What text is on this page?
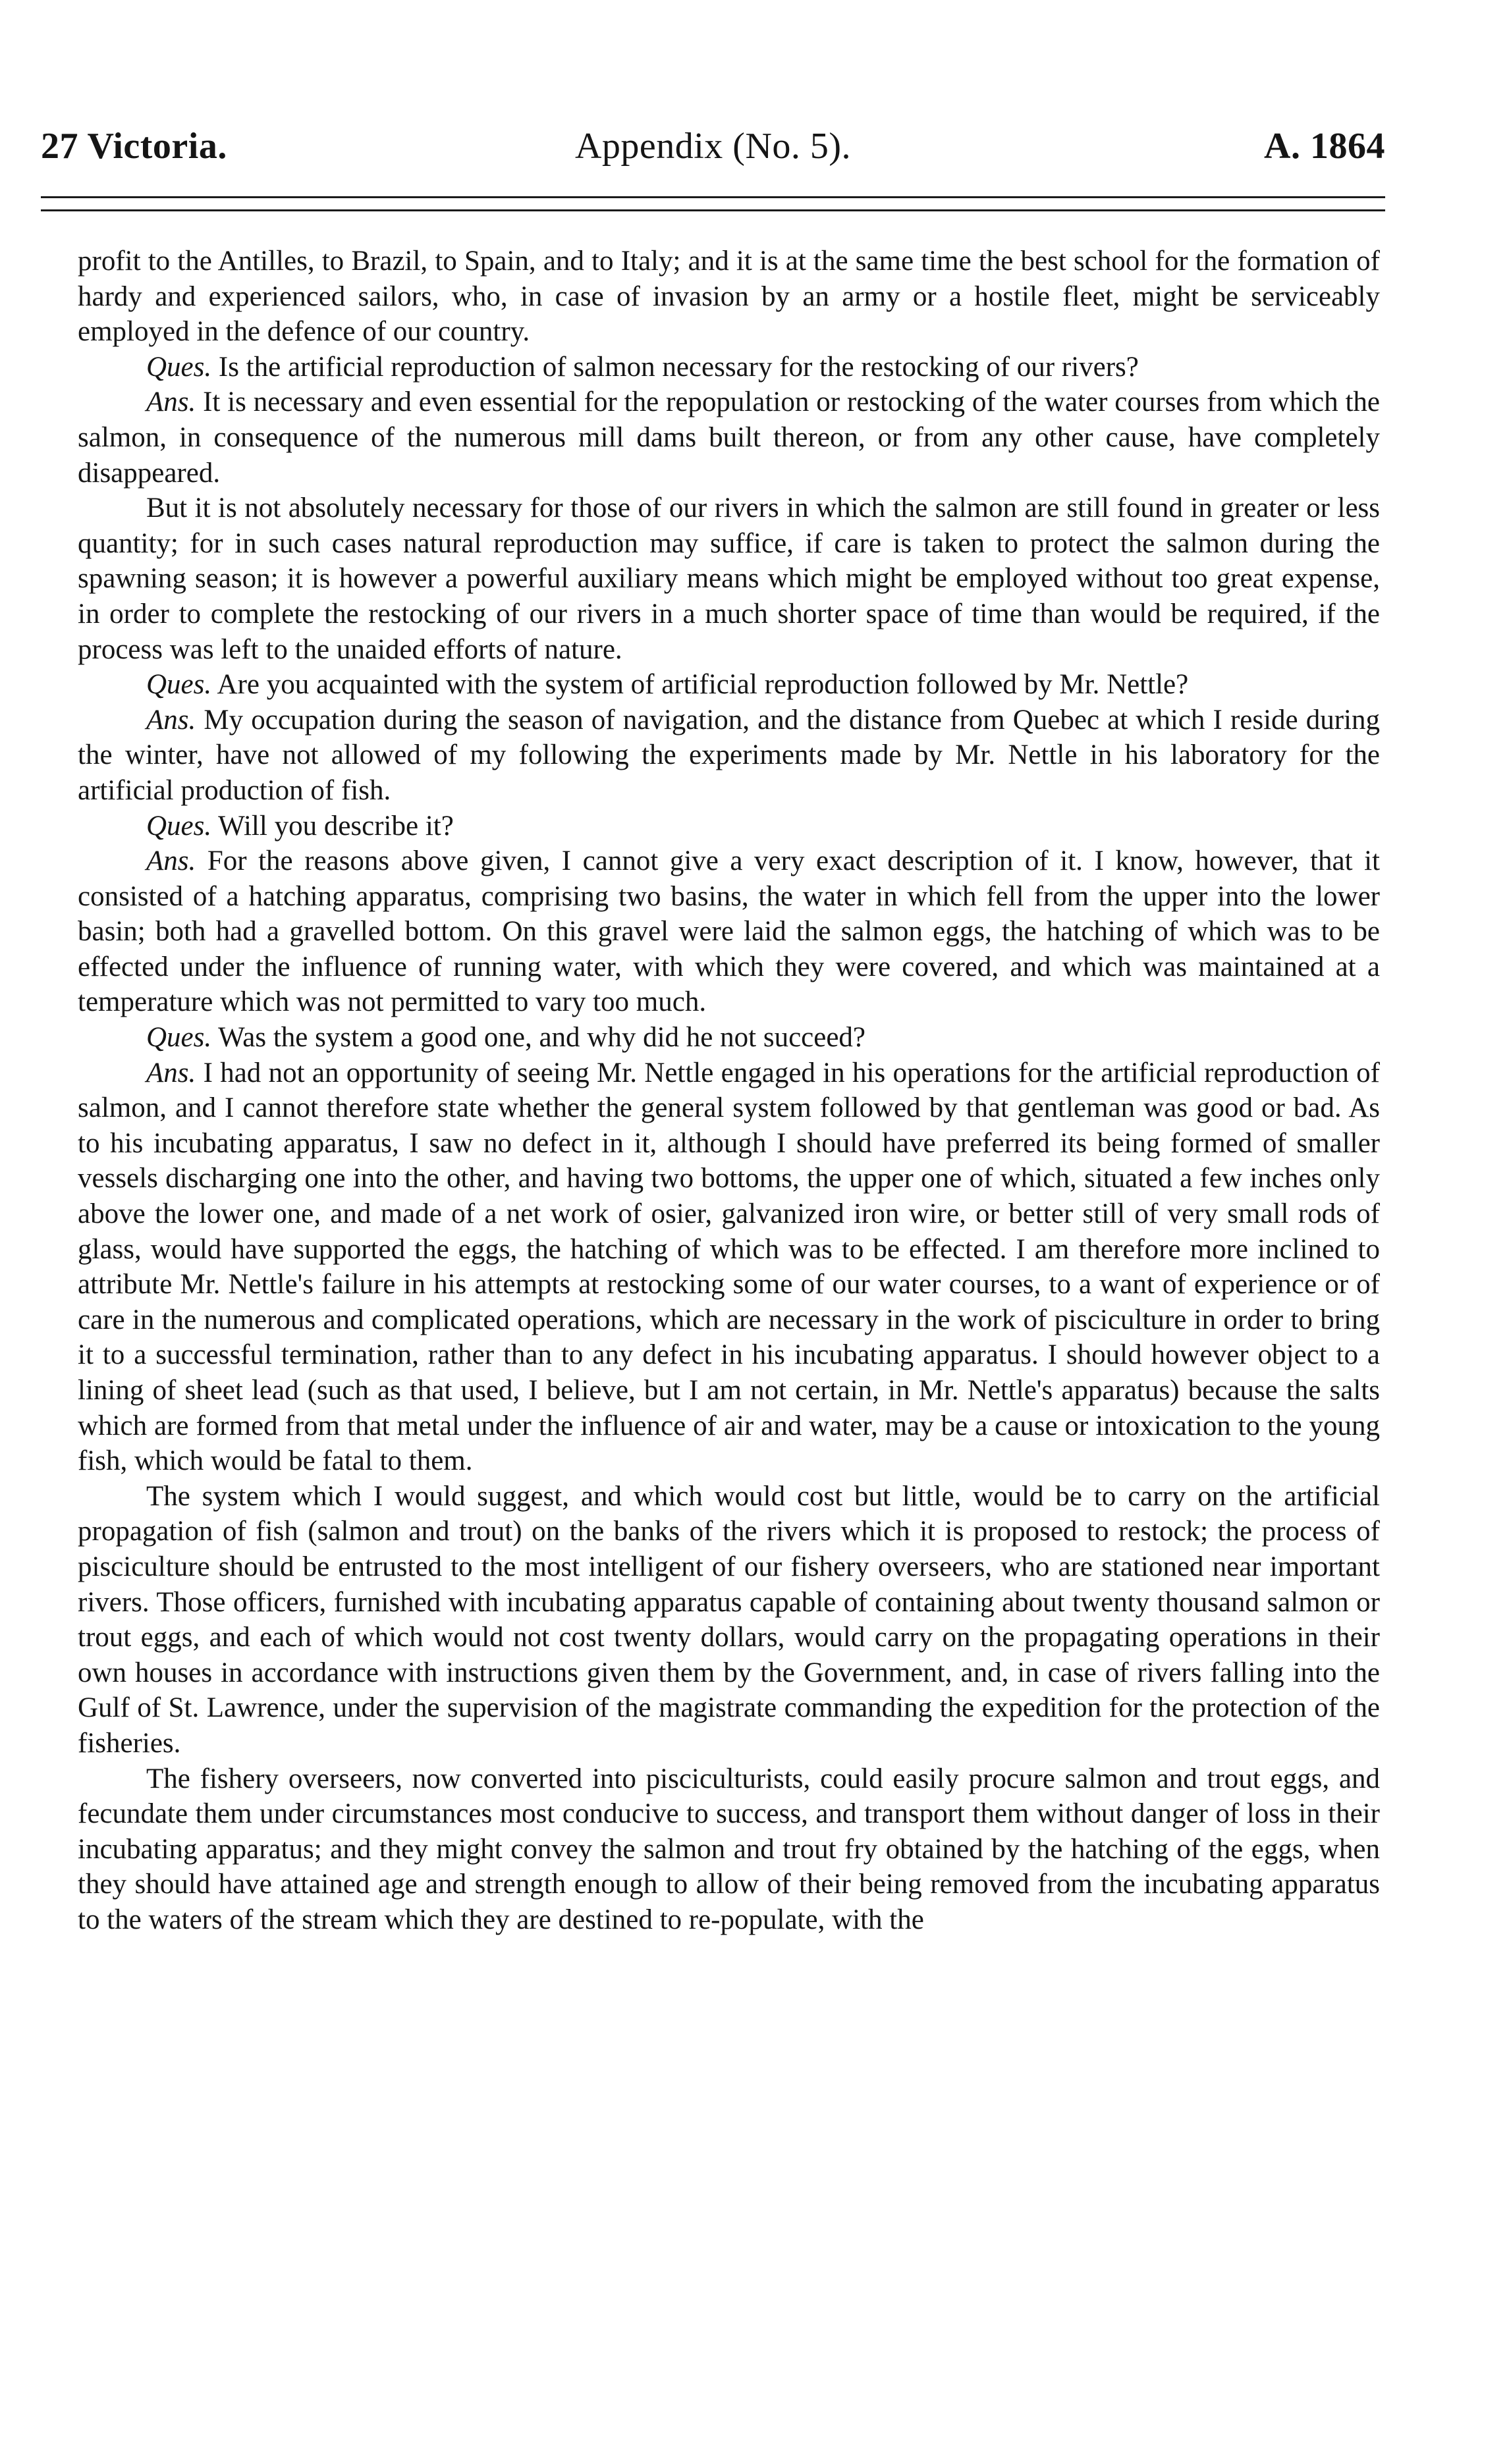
27 Victoria.	Appendix (No. 5).	A. 1864

profit to the Antilles, to Brazil, to Spain, and to Italy; and it is at the same time the best school for the formation of hardy and experienced sailors, who, in case of invasion by an army or a hostile fleet, might be serviceably employed in the defence of our country.

Ques. Is the artificial reproduction of salmon necessary for the restocking of our rivers?

Ans. It is necessary and even essential for the repopulation or restocking of the water courses from which the salmon, in consequence of the numerous mill dams built thereon, or from any other cause, have completely disappeared.

But it is not absolutely necessary for those of our rivers in which the salmon are still found in greater or less quantity; for in such cases natural reproduction may suffice, if care is taken to protect the salmon during the spawning season; it is however a powerful auxiliary means which might be employed without too great expense, in order to complete the restocking of our rivers in a much shorter space of time than would be required, if the process was left to the unaided efforts of nature.

Ques. Are you acquainted with the system of artificial reproduction followed by Mr. Nettle?

Ans. My occupation during the season of navigation, and the distance from Quebec at which I reside during the winter, have not allowed of my following the experiments made by Mr. Nettle in his laboratory for the artificial production of fish.

Ques. Will you describe it?

Ans. For the reasons above given, I cannot give a very exact description of it. I know, however, that it consisted of a hatching apparatus, comprising two basins, the water in which fell from the upper into the lower basin; both had a gravelled bottom. On this gravel were laid the salmon eggs, the hatching of which was to be effected under the influence of running water, with which they were covered, and which was maintained at a temperature which was not permitted to vary too much.

Ques. Was the system a good one, and why did he not succeed?

Ans. I had not an opportunity of seeing Mr. Nettle engaged in his operations for the artificial reproduction of salmon, and I cannot therefore state whether the general system followed by that gentleman was good or bad. As to his incubating apparatus, I saw no defect in it, although I should have preferred its being formed of smaller vessels discharging one into the other, and having two bottoms, the upper one of which, situated a few inches only above the lower one, and made of a net work of osier, galvanized iron wire, or better still of very small rods of glass, would have supported the eggs, the hatching of which was to be effected. I am therefore more inclined to attribute Mr. Nettle's failure in his attempts at restocking some of our water courses, to a want of experience or of care in the numerous and complicated operations, which are necessary in the work of pisciculture in order to bring it to a successful termination, rather than to any defect in his incubating apparatus. I should however object to a lining of sheet lead (such as that used, I believe, but I am not certain, in Mr. Nettle's apparatus) because the salts which are formed from that metal under the influence of air and water, may be a cause or intoxication to the young fish, which would be fatal to them.

The system which I would suggest, and which would cost but little, would be to carry on the artificial propagation of fish (salmon and trout) on the banks of the rivers which it is proposed to restock; the process of pisciculture should be entrusted to the most intelligent of our fishery overseers, who are stationed near important rivers. Those officers, furnished with incubating apparatus capable of containing about twenty thousand salmon or trout eggs, and each of which would not cost twenty dollars, would carry on the propagating operations in their own houses in accordance with instructions given them by the Government, and, in case of rivers falling into the Gulf of St. Lawrence, under the supervision of the magistrate commanding the expedition for the protection of the fisheries.

The fishery overseers, now converted into pisciculturists, could easily procure salmon and trout eggs, and fecundate them under circumstances most conducive to success, and transport them without danger of loss in their incubating apparatus; and they might convey the salmon and trout fry obtained by the hatching of the eggs, when they should have attained age and strength enough to allow of their being removed from the incubating apparatus to the waters of the stream which they are destined to re-populate, with the
